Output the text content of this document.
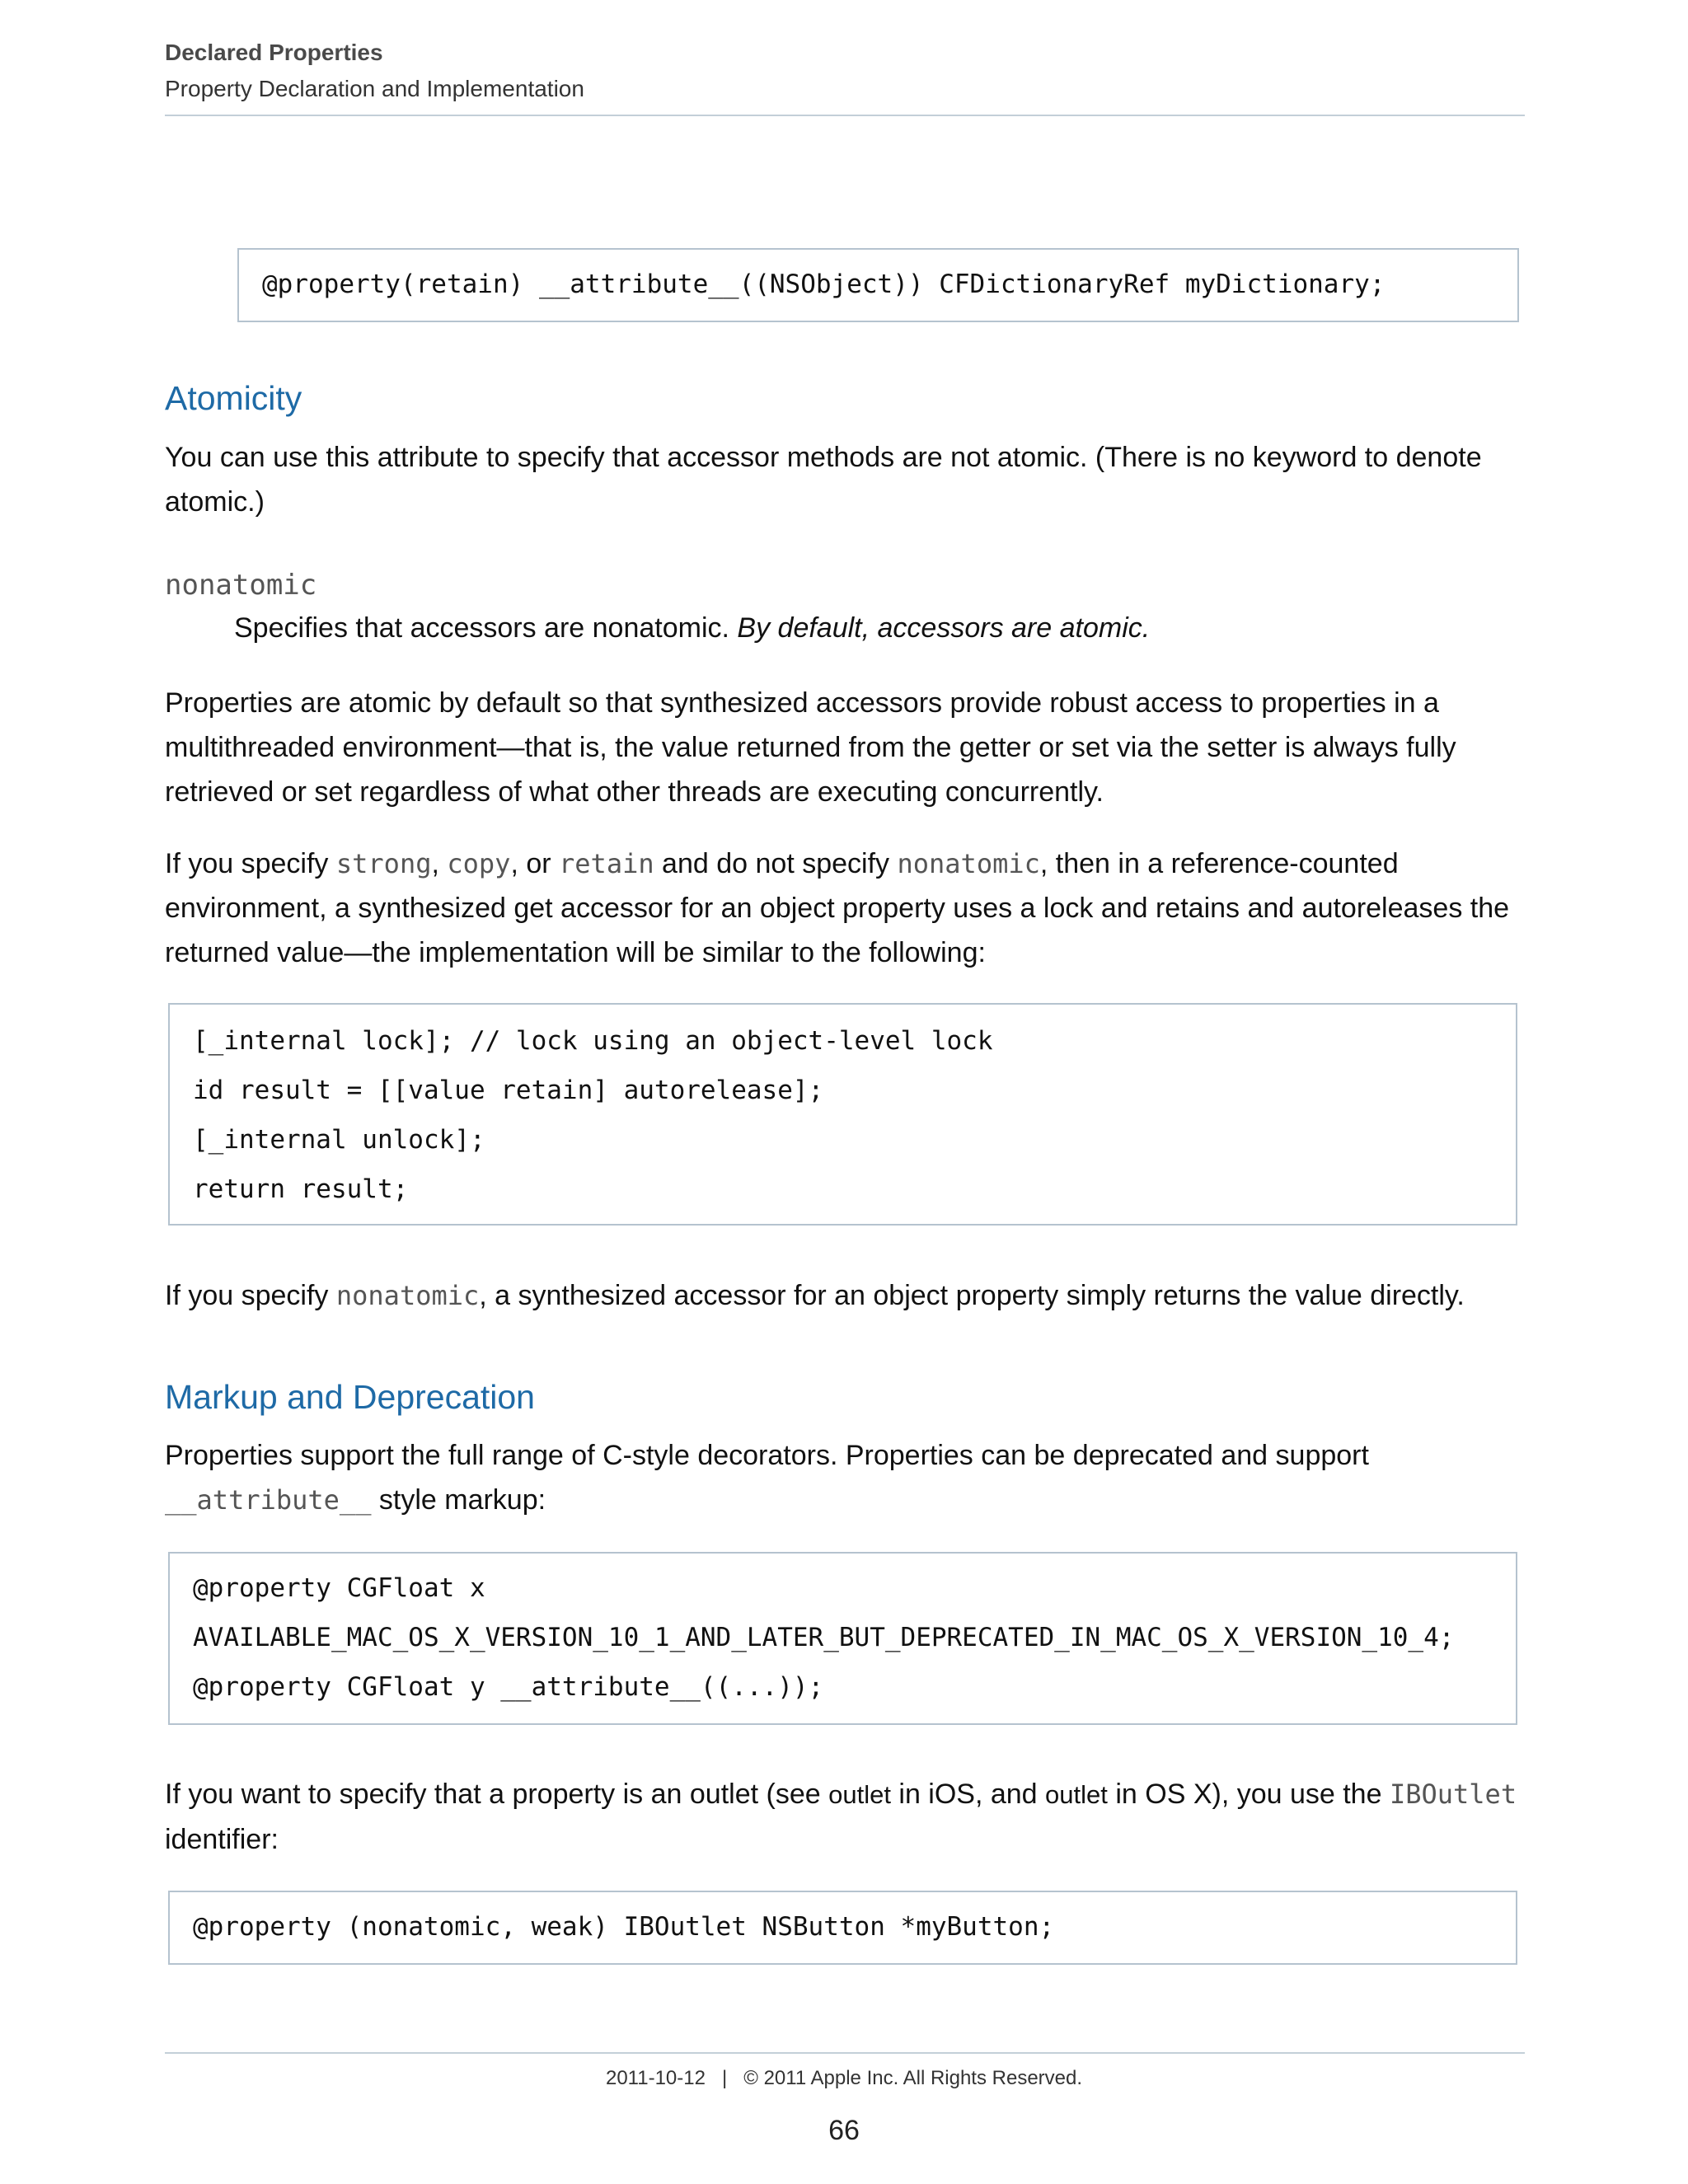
Declared Properties
Property Declaration and Implementation

@property(retain) __attribute__((NSObject)) CFDictionaryRef myDictionary;

Atomicity
You can use this attribute to specify that accessor methods are not atomic. (There is no keyword to denote atomic.)
nonatomic
Specifies that accessors are nonatomic. By default, accessors are atomic.
Properties are atomic by default so that synthesized accessors provide robust access to properties in a multithreaded environment—that is, the value returned from the getter or set via the setter is always fully retrieved or set regardless of what other threads are executing concurrently.
If you specify strong, copy, or retain and do not specify nonatomic, then in a reference-counted environment, a synthesized get accessor for an object property uses a lock and retains and autoreleases the returned value—the implementation will be similar to the following:

[_internal lock]; // lock using an object-level lock

id result = [[value retain] autorelease];

[_internal unlock];

return result;

If you specify nonatomic, a synthesized accessor for an object property simply returns the value directly.
Markup and Deprecation
Properties support the full range of C-style decorators. Properties can be deprecated and support __attribute__ style markup:

@property CGFloat x

AVAILABLE_MAC_OS_X_VERSION_10_1_AND_LATER_BUT_DEPRECATED_IN_MAC_OS_X_VERSION_10_4;

@property CGFloat y __attribute__((...));

If you want to specify that a property is an outlet (see outlet in iOS, and outlet in OS X), you use the IBOutlet identifier:

@property (nonatomic, weak) IBOutlet NSButton *myButton;

2011-10-12 | © 2011 Apple Inc. All Rights Reserved.
66
